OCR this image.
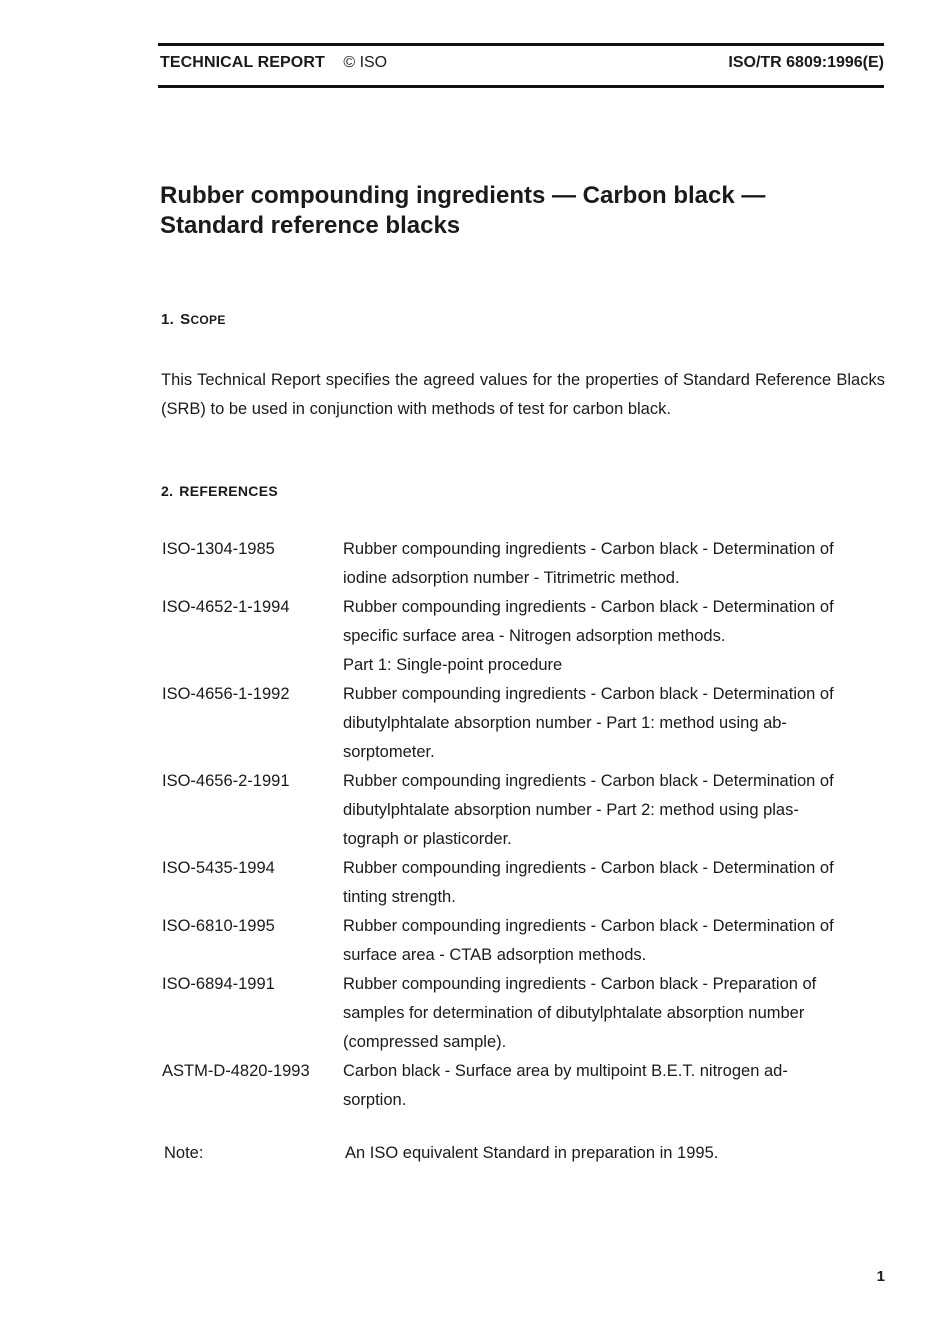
TECHNICAL REPORT © ISO	ISO/TR 6809:1996(E)
Rubber compounding ingredients — Carbon black —
Standard reference blacks
1. SCOPE

This Technical Report specifies the agreed values for the properties of Standard Reference Blacks (SRB) to be used in conjunction with methods of test for carbon black.

2. REFERENCES
ISO-1304-1985	Rubber compounding ingredients - Carbon black - Determination of
iodine adsorption number - Titrimetric method.
ISO-4652-1-1994	Rubber compounding ingredients - Carbon black - Determination of
specific surface area - Nitrogen adsorption methods.
Part 1: Single-point procedure
ISO-4656-1-1992	Rubber compounding ingredients - Carbon black - Determination of
dibutylphtalate absorption number - Part 1: method using ab-
sorptometer.
ISO-4656-2-1991	Rubber compounding ingredients - Carbon black - Determination of
dibutylphtalate absorption number - Part 2: method using plas-
tograph or plasticorder.
ISO-5435-1994	Rubber compounding ingredients - Carbon black - Determination of
tinting strength.
ISO-6810-1995	Rubber compounding ingredients - Carbon black - Determination of
surface area - CTAB adsorption methods.
ISO-6894-1991	Rubber compounding ingredients - Carbon black - Preparation of
samples for determination of dibutylphtalate absorption number
(compressed sample).
ASTM-D-4820-1993	Carbon black - Surface area by multipoint B.E.T. nitrogen ad-
sorption.
Note:	An ISO equivalent Standard in preparation in 1995.
1
